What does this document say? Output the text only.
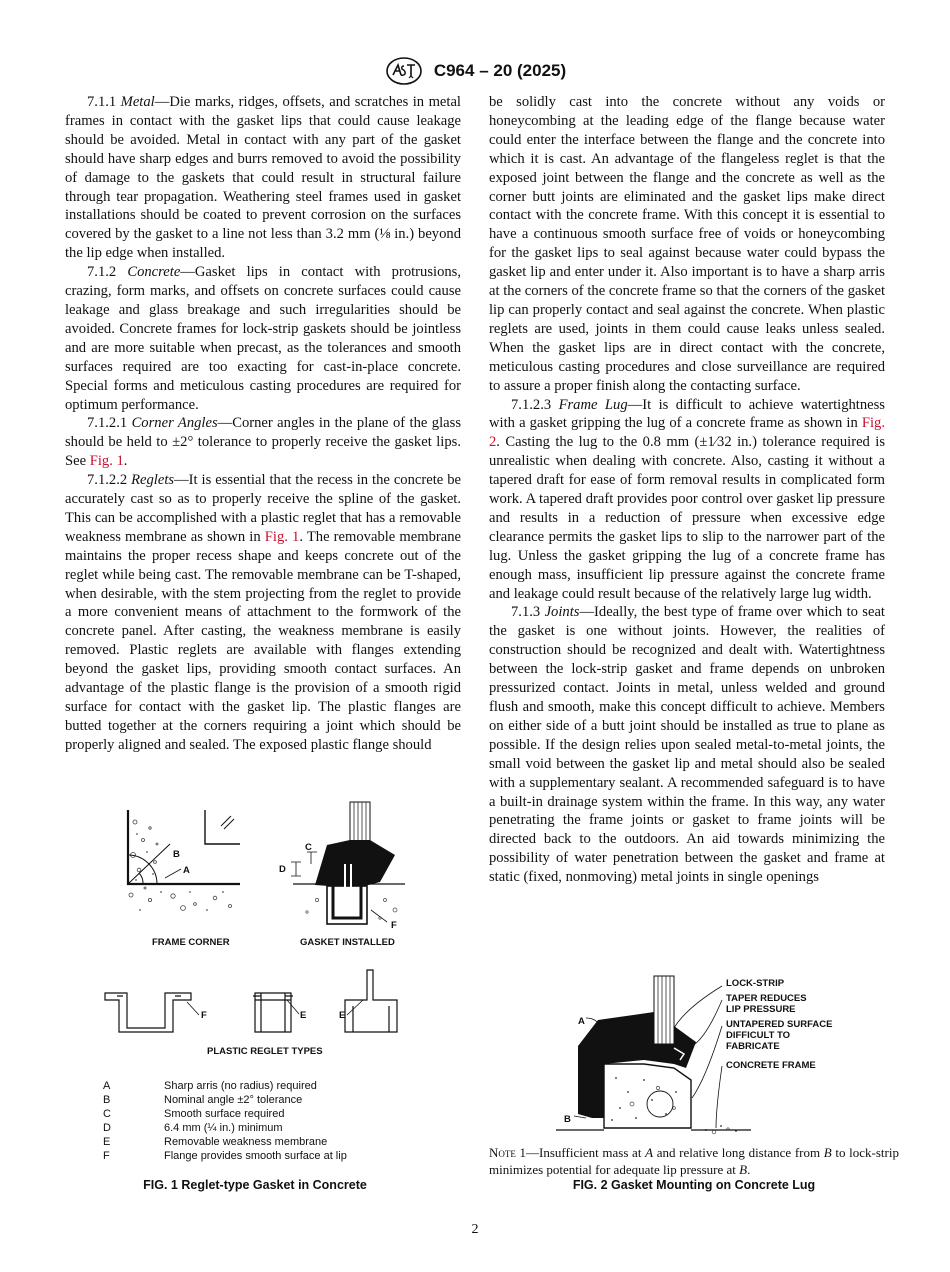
C964 – 20 (2025)

7.1.1 Metal—Die marks, ridges, offsets, and scratches in metal frames in contact with the gasket lips that could cause leakage should be avoided. Metal in contact with any part of the gasket should have sharp edges and burrs removed to avoid the possibility of damage to the gaskets that could result in structural failure through tear propagation. Weathering steel frames used in gasket installations should be coated to prevent corrosion on the surfaces covered by the gasket to a line not less than 3.2 mm (⅛ in.) beyond the lip edge when installed.

7.1.2 Concrete—Gasket lips in contact with protrusions, crazing, form marks, and offsets on concrete surfaces could cause leakage and glass breakage and such irregularities should be avoided. Concrete frames for lock-strip gaskets should be jointless and are more suitable when precast, as the tolerances and smooth surfaces required are too exacting for cast-in-place concrete. Special forms and meticulous casting procedures are required for optimum performance.

7.1.2.1 Corner Angles—Corner angles in the plane of the glass should be held to ±2° tolerance to properly receive the gasket lips. See Fig. 1.

7.1.2.2 Reglets—It is essential that the recess in the concrete be accurately cast so as to properly receive the spline of the gasket. This can be accomplished with a plastic reglet that has a removable weakness membrane as shown in Fig. 1. The removable membrane maintains the proper recess shape and keeps concrete out of the reglet while being cast. The removable membrane can be T-shaped, when desirable, with the stem projecting from the reglet to provide a more convenient means of attachment to the formwork of the concrete panel. After casting, the weakness membrane is easily removed. Plastic reglets are available with flanges extending beyond the gasket lips, providing smooth contact surfaces. An advantage of the plastic flange is the provision of a smooth rigid surface for contact with the gasket lip. The plastic flanges are butted together at the corners requiring a joint which should be properly aligned and sealed. The exposed plastic flange should

be solidly cast into the concrete without any voids or honeycombing at the leading edge of the flange because water could enter the interface between the flange and the concrete into which it is cast. An advantage of the flangeless reglet is that the exposed joint between the flange and the concrete as well as the corner butt joints are eliminated and the gasket lips make direct contact with the concrete frame. With this concept it is essential to have a continuous smooth surface free of voids or honeycombing for the gasket lips to seal against because water could bypass the gasket lip and enter under it. Also important is to have a sharp arris at the corners of the concrete frame so that the corners of the gasket lip can properly contact and seal against the concrete. When plastic reglets are used, joints in them could cause leaks unless sealed. When the gasket lips are in direct contact with the concrete, meticulous casting procedures and close surveillance are required to assure a proper finish along the contacting surface.

7.1.2.3 Frame Lug—It is difficult to achieve watertightness with a gasket gripping the lug of a concrete frame as shown in Fig. 2. Casting the lug to the 0.8 mm (±1⁄32 in.) tolerance required is unrealistic when dealing with concrete. Also, casting it without a tapered draft for ease of form removal results in complicated form work. A tapered draft provides poor control over gasket lip pressure and results in a reduction of pressure when excessive edge clearance permits the gasket lips to slip to the narrower part of the lug. Unless the gasket gripping the lug of a concrete frame has enough mass, insufficient lip pressure against the concrete frame and leakage could result because of the relatively large lug width.

7.1.3 Joints—Ideally, the best type of frame over which to seat the gasket is one without joints. However, the realities of construction should be recognized and dealt with. Watertightness between the lock-strip gasket and frame depends on unbroken pressurized contact. Joints in metal, unless welded and ground flush and smooth, make this concept difficult to achieve. Members on either side of a butt joint should be installed as true to plane as possible. If the design relies upon sealed metal-to-metal joints, the small void between the gasket lip and metal should also be sealed with a supplementary sealant. A recommended safeguard is to have a built-in drainage system within the frame. In this way, any water penetrating the frame joints or gasket to frame joints will be directed back to the outdoors. An aid towards minimizing the possibility of water penetration between the gasket and frame at static (fixed, nonmoving) metal joints in single openings

B
A
C
D
F
FRAME CORNER	GASKET INSTALLED
F	E	E
PLASTIC REGLET TYPES
A	Sharp arris (no radius) required
B	Nominal angle ±2° tolerance
C	Smooth surface required
D	6.4 mm (¼ in.) minimum
E	Removable weakness membrane
F	Flange provides smooth surface at lip
FIG. 1 Reglet-type Gasket in Concrete
A
B
LOCK-STRIP
TAPER REDUCES
LIP PRESSURE
UNTAPERED SURFACE
DIFFICULT TO
FABRICATE
CONCRETE FRAME
Note 1—Insufficient mass at A and relative long distance from B to lock-strip minimizes potential for adequate lip pressure at B.
FIG. 2 Gasket Mounting on Concrete Lug
2
